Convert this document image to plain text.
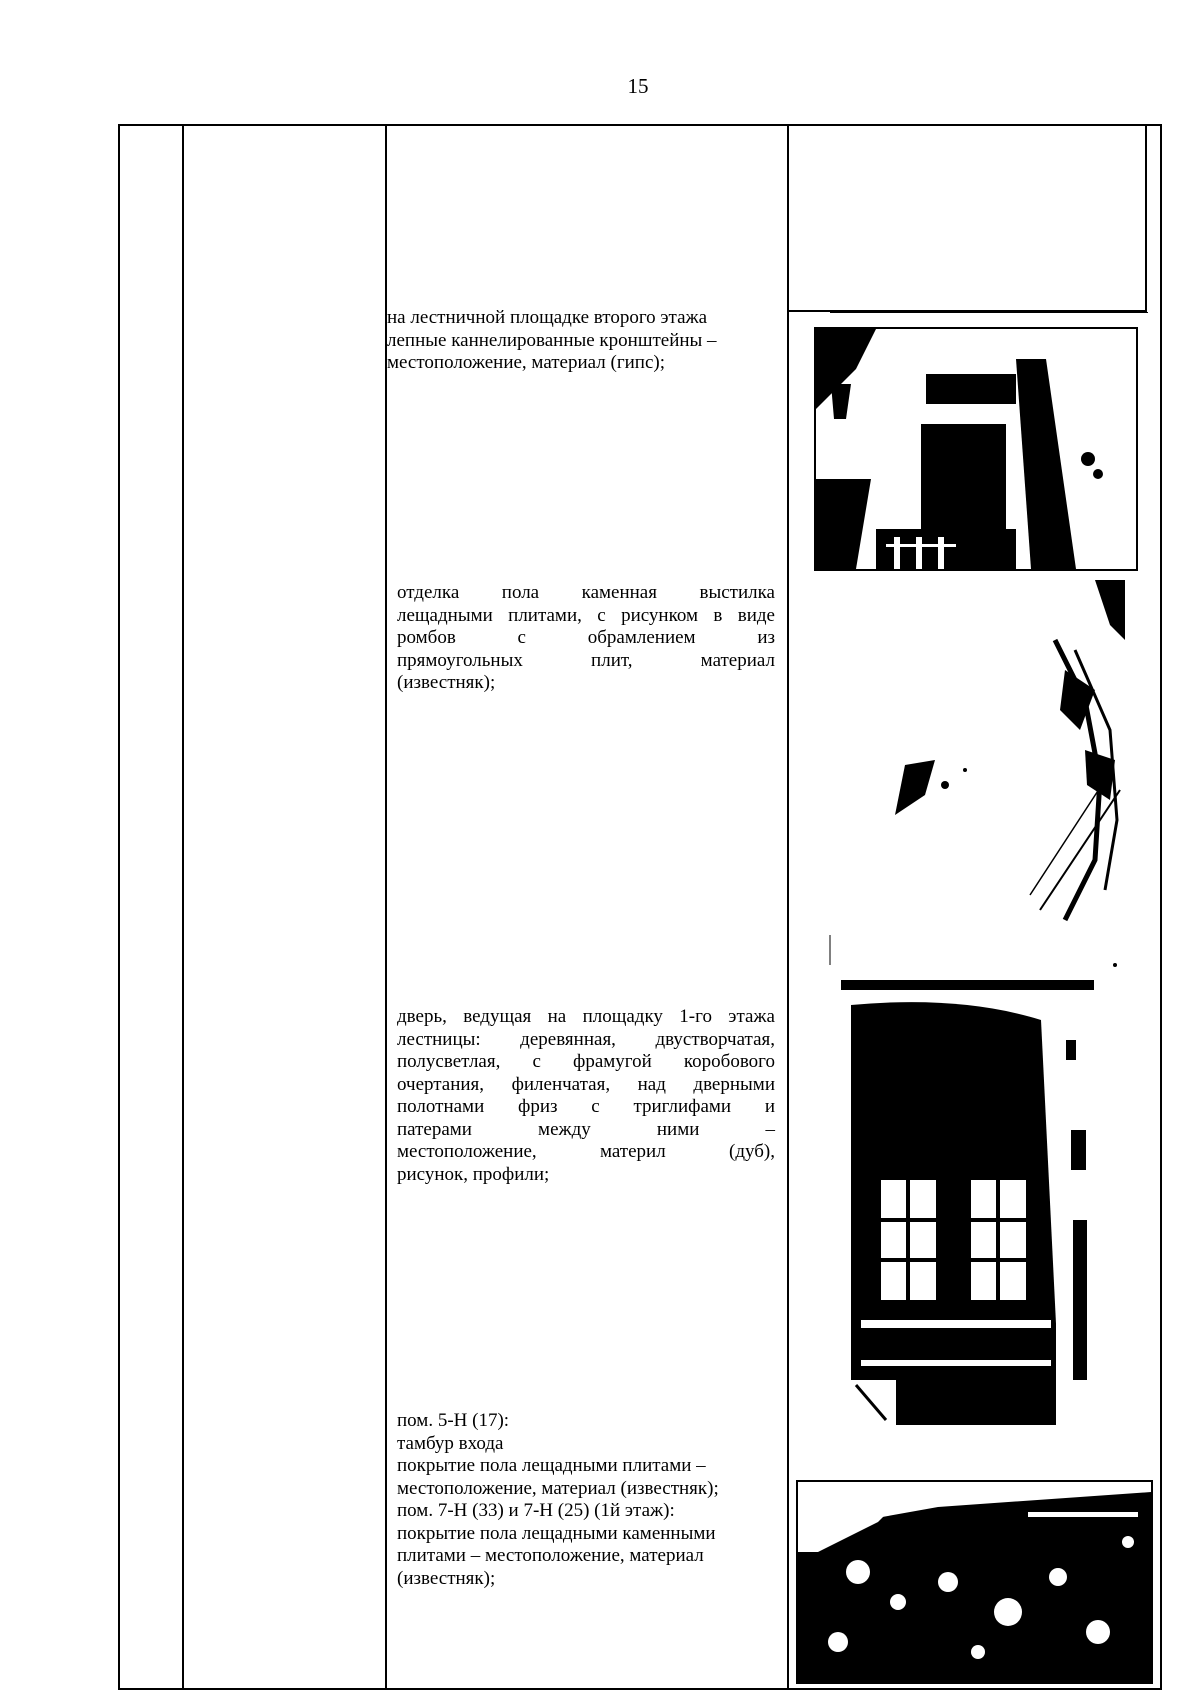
15

на лестничной площадке второго этажа

лепные каннелированные кронштейны –

местоположение, материал (гипс);

отделка пола каменная выстилка

лещадными плитами, с рисунком в виде

ромбов с обрамлением из

прямоугольных плит, материал

(известняк);

дверь, ведущая на площадку 1-го этажа

лестницы: деревянная, двустворчатая,

полусветлая, с фрамугой коробового

очертания, филенчатая, над дверными

полотнами фриз с триглифами и

патерами между ними –

местоположение, материл (дуб),

рисунок, профили;

пом. 5-Н (17):

тамбур входа

покрытие пола лещадными плитами –

местоположение, материал (известняк);

пом. 7-Н (33) и 7-Н (25) (1й этаж):

покрытие пола лещадными каменными

плитами – местоположение, материал

(известняк);
